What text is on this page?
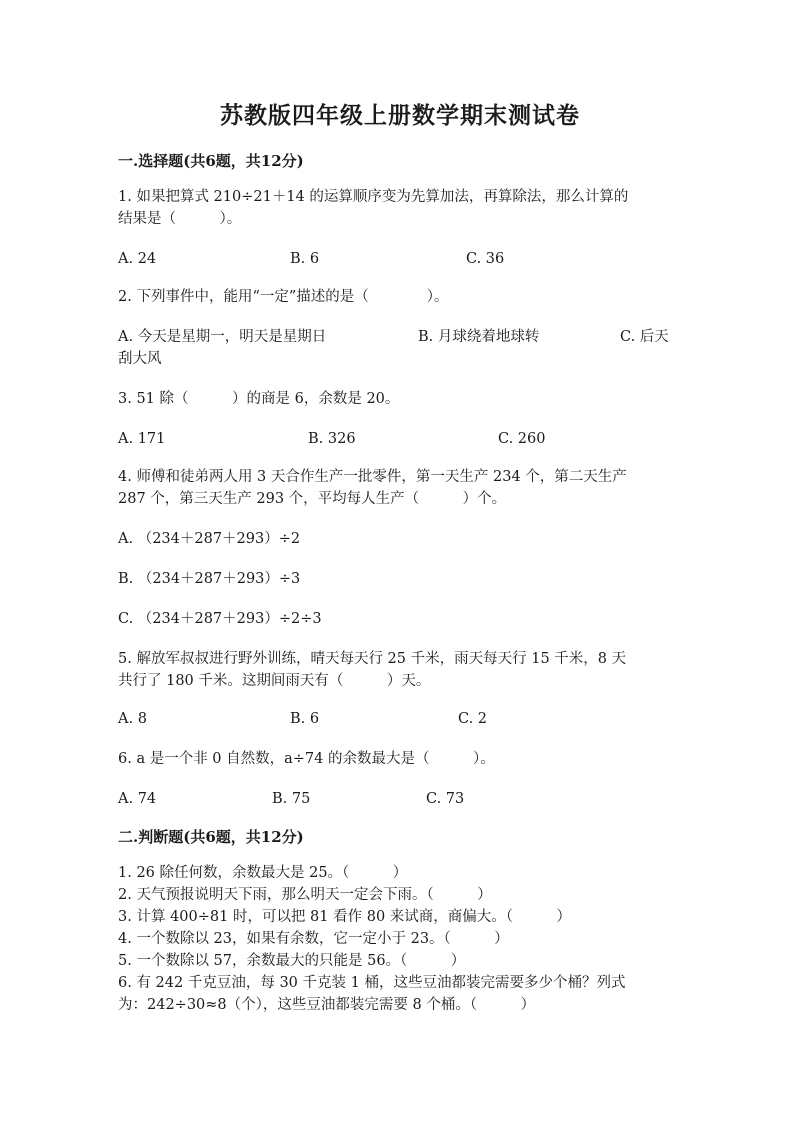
苏教版四年级上册数学期末测试卷
一.选择题(共6题，共12分)
1. 如果把算式 210÷21＋14 的运算顺序变为先算加法，再算除法，那么计算的
结果是（　　　）。
A. 24	B. 6	C. 36
2. 下列事件中，能用“一定”描述的是（　　　　）。
A. 今天是星期一，明天是星期日	B. 月球绕着地球转	C. 后天
刮大风
3. 51 除（　　　）的商是 6，余数是 20。
A. 171	B. 326	C. 260
4. 师傅和徒弟两人用 3 天合作生产一批零件，第一天生产 234 个，第二天生产
287 个，第三天生产 293 个，平均每人生产（　　　）个。
A. （234＋287＋293）÷2
B. （234＋287＋293）÷3
C. （234＋287＋293）÷2÷3
5. 解放军叔叔进行野外训练，晴天每天行 25 千米，雨天每天行 15 千米，8 天
共行了 180 千米。这期间雨天有（　　　）天。
A. 8	B. 6	C. 2
6. a 是一个非 0 自然数，a÷74 的余数最大是（　　　）。
A. 74	B. 75	C. 73
二.判断题(共6题，共12分)
1. 26 除任何数，余数最大是 25。（　　　）
2. 天气预报说明天下雨，那么明天一定会下雨。（　　　）
3. 计算 400÷81 时，可以把 81 看作 80 来试商，商偏大。（　　　）
4. 一个数除以 23，如果有余数，它一定小于 23。（　　　）
5. 一个数除以 57，余数最大的只能是 56。（　　　）
6. 有 242 千克豆油，每 30 千克装 1 桶，这些豆油都装完需要多少个桶？列式
为：242÷30≈8（个），这些豆油都装完需要 8 个桶。（　　　）
